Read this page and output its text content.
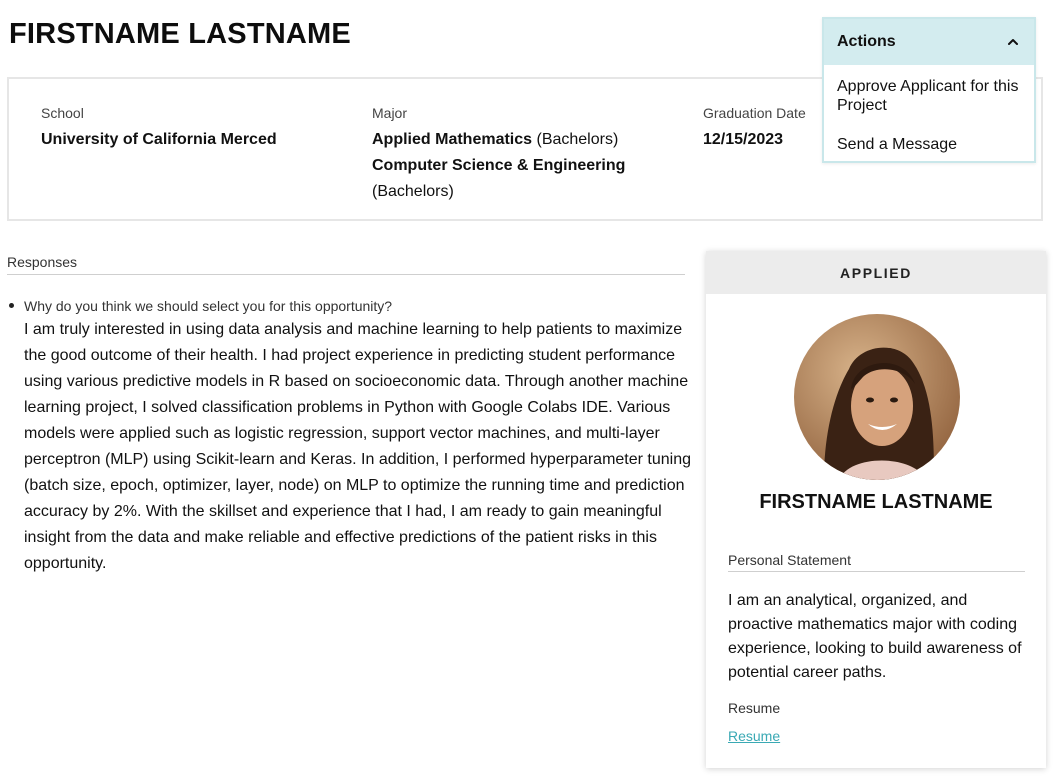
FIRSTNAME LASTNAME
School
University of California Merced
Major
Applied Mathematics (Bachelors)
Computer Science & Engineering (Bachelors)
Graduation Date
12/15/2023
Actions
Approve Applicant for this Project
Send a Message
Responses
Why do you think we should select you for this opportunity?
I am truly interested in using data analysis and machine learning to help patients to maximize the good outcome of their health. I had project experience in predicting student performance using various predictive models in R based on socioeconomic data. Through another machine learning project, I solved classification problems in Python with Google Colabs IDE. Various models were applied such as logistic regression, support vector machines, and multi-layer perceptron (MLP) using Scikit-learn and Keras. In addition, I performed hyperparameter tuning (batch size, epoch, optimizer, layer, node) on MLP to optimize the running time and prediction accuracy by 2%. With the skillset and experience that I had, I am ready to gain meaningful insight from the data and make reliable and effective predictions of the patient risks in this opportunity.
APPLIED
FIRSTNAME LASTNAME
Personal Statement
I am an analytical, organized, and proactive mathematics major with coding experience, looking to build awareness of potential career paths.
Resume
Resume
